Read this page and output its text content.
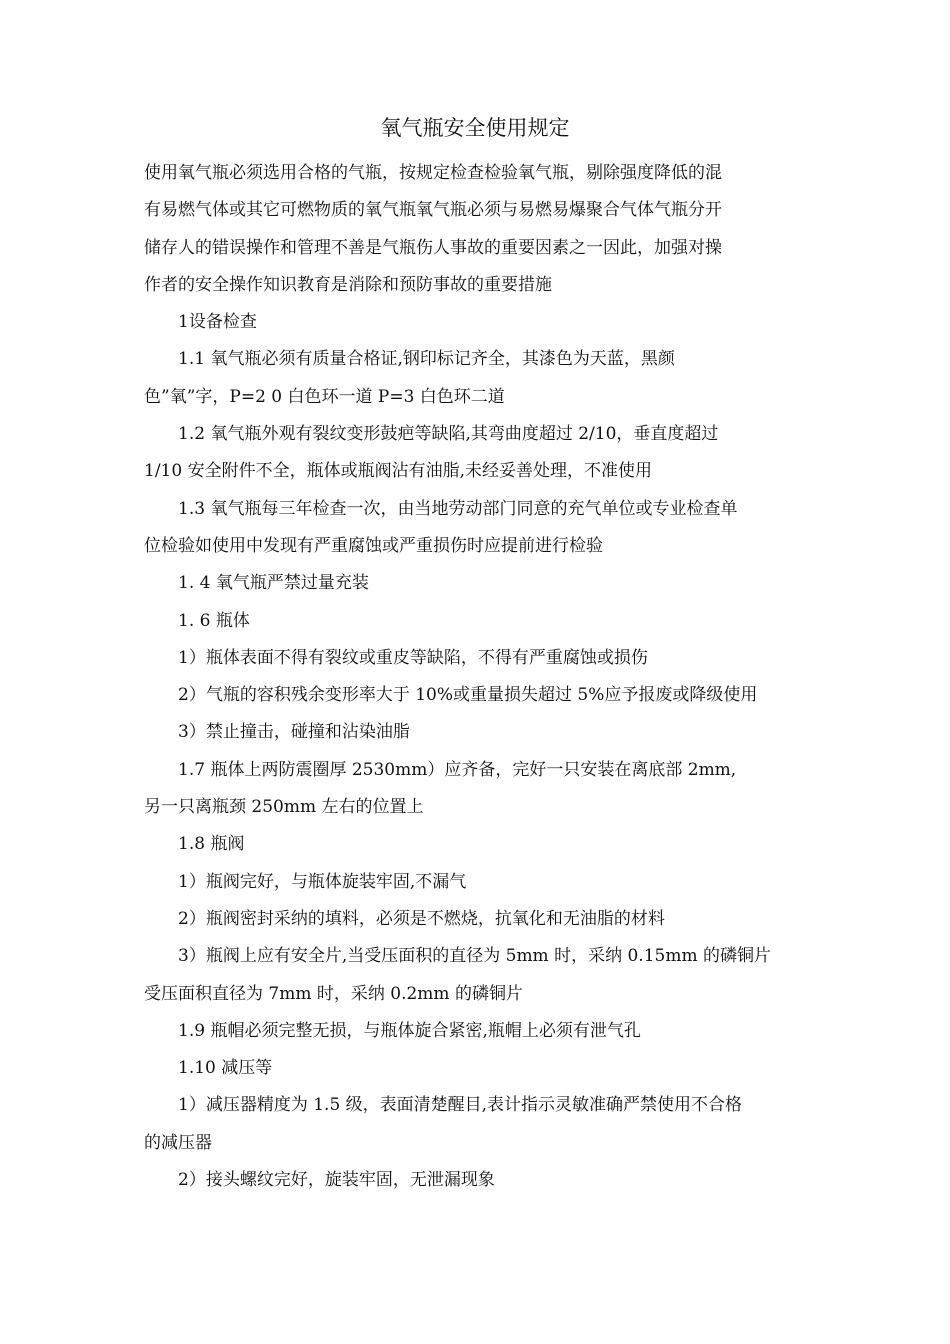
氧气瓶安全使用规定

使用氧气瓶必须选用合格的气瓶，按规定检查检验氧气瓶，剔除强度降低的混
有易燃气体或其它可燃物质的氧气瓶氧气瓶必须与易燃易爆聚合气体气瓶分开
储存人的错误操作和管理不善是气瓶伤人事故的重要因素之一因此，加强对操
作者的安全操作知识教育是消除和预防事故的重要措施

1设备检查

1.1 氧气瓶必须有质量合格证,钢印标记齐全，其漆色为天蓝，黑颜
色”氧”字，P=2 0 白色环一道 P=3 白色环二道

1.2 氧气瓶外观有裂纹变形鼓疤等缺陷,其弯曲度超过 2/10，垂直度超过
1/10 安全附件不全，瓶体或瓶阀沾有油脂,未经妥善处理，不准使用

1.3 氧气瓶每三年检查一次，由当地劳动部门同意的充气单位或专业检查单
位检验如使用中发现有严重腐蚀或严重损伤时应提前进行检验

1. 4 氧气瓶严禁过量充装

1. 6 瓶体

1）瓶体表面不得有裂纹或重皮等缺陷，不得有严重腐蚀或损伤

2）气瓶的容积残余变形率大于 10%或重量损失超过 5%应予报废或降级使用

3）禁止撞击，碰撞和沾染油脂

1.7 瓶体上两防震圈厚 2530mm）应齐备，完好一只安装在离底部 2mm,
另一只离瓶颈 250mm 左右的位置上

1.8 瓶阀

1）瓶阀完好，与瓶体旋装牢固,不漏气

2）瓶阀密封采纳的填料，必须是不燃烧，抗氧化和无油脂的材料

3）瓶阀上应有安全片,当受压面积的直径为 5mm 时，采纳 0.15mm 的磷铜片
受压面积直径为 7mm 时，采纳 0.2mm 的磷铜片

1.9 瓶帽必须完整无损，与瓶体旋合紧密,瓶帽上必须有泄气孔

1.10 减压等

1）减压器精度为 1.5 级，表面清楚醒目,表计指示灵敏准确严禁使用不合格
的减压器

2）接头螺纹完好，旋装牢固，无泄漏现象
